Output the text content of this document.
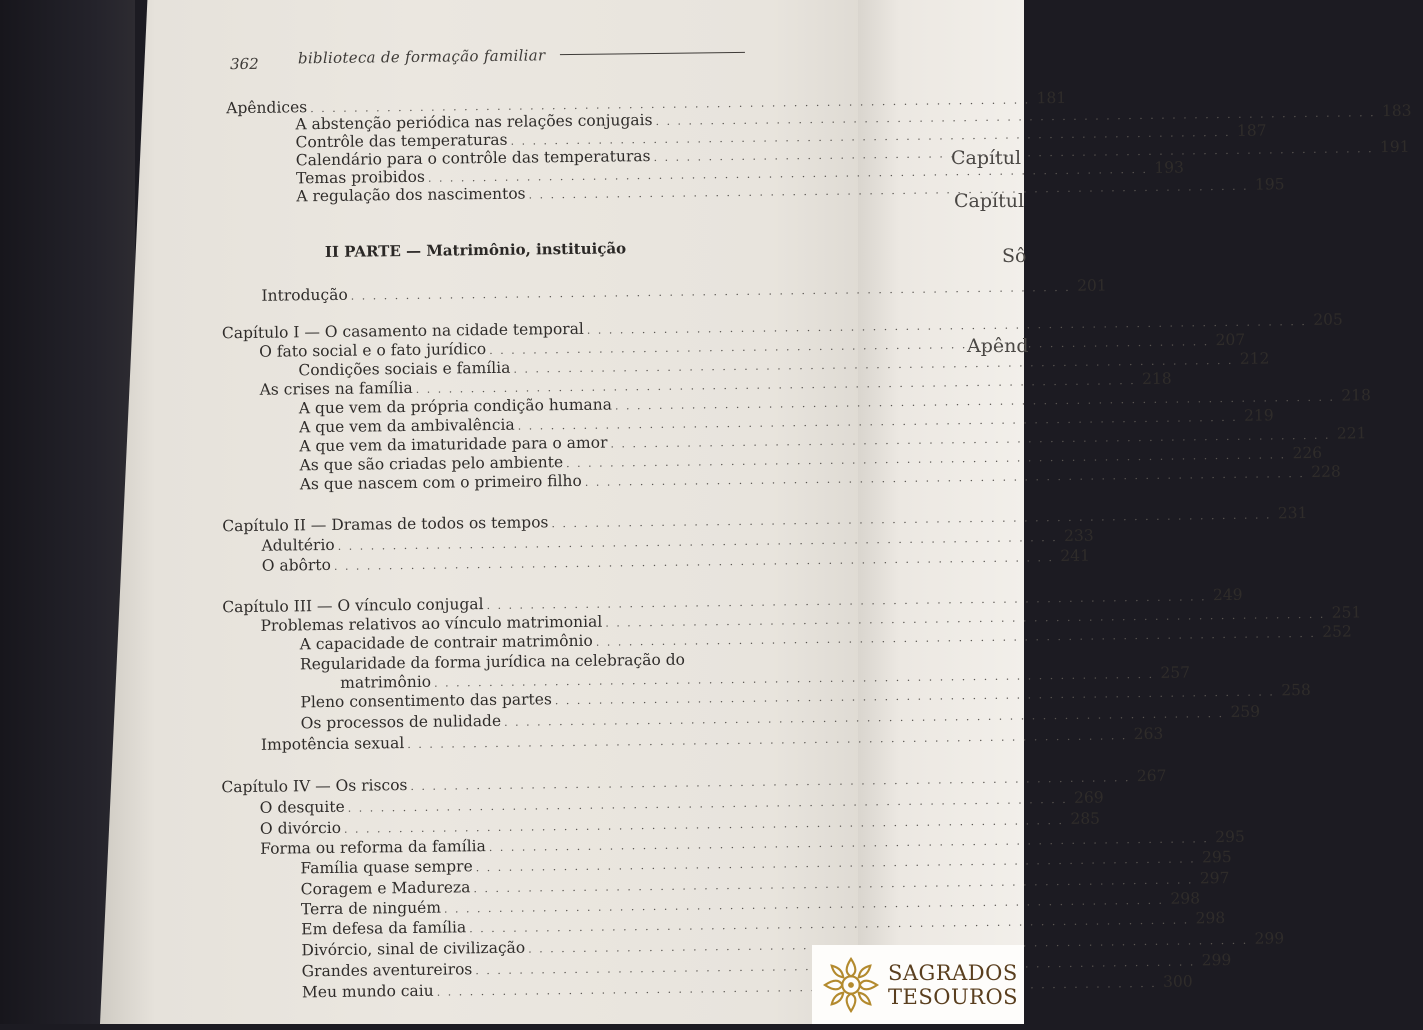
Capítul
Capítul
Sô
Apênd
362	biblioteca de formação familiar
Apêndices
. . .
181
A abstenção periódica nas relações conjugais
. . .
183
Contrôle das temperaturas
. . .
187
Calendário para o contrôle das temperaturas
. . .
191
Temas proibidos
. . .
193
A regulação dos nascimentos
. . .
195
II PARTE — Matrimônio, instituição
Introdução
. . .
201
Capítulo I — O casamento na cidade temporal
. . .
205
O fato social e o fato jurídico
. . .
207
Condições sociais e família
. . .
212
As crises na família
. . .
218
A que vem da própria condição humana
. . .
218
A que vem da ambivalência
. . .
219
A que vem da imaturidade para o amor
. . .
221
As que são criadas pelo ambiente
. . .
226
As que nascem com o primeiro filho
. . .
228
Capítulo II — Dramas de todos os tempos
. . .
231
Adultério
. . .
233
O abôrto
. . .
241
Capítulo III — O vínculo conjugal
. . .
249
Problemas relativos ao vínculo matrimonial
. . .
251
A capacidade de contrair matrimônio
. . .
252
Regularidade da forma jurídica na celebração do
matrimônio
. . .
257
Pleno consentimento das partes
. . .
258
Os processos de nulidade
. . .
259
Impotência sexual
. . .
263
Capítulo IV — Os riscos
. . .
267
O desquite
. . .
269
O divórcio
. . .
285
Forma ou reforma da família
. . .
295
Família quase sempre
. . .
295
Coragem e Madureza
. . .
297
Terra de ninguém
. . .
298
Em defesa da família
. . .
298
Divórcio, sinal de civilização
. . .
299
Grandes aventureiros
. . .
299
Meu mundo caiu
. . .
300
SAGRADOS
TESOUROS
